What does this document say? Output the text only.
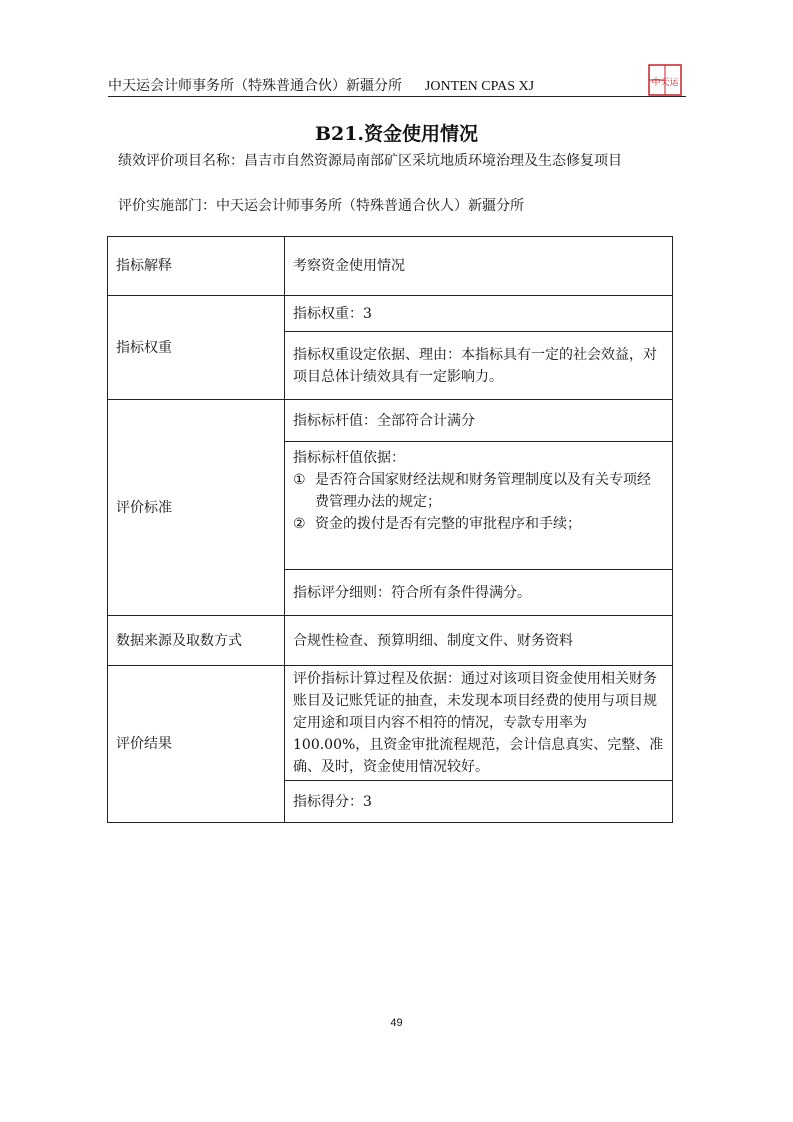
中天运会计师事务所（特殊普通合伙）新疆分所 JONTEN CPAS XJ	中天运
B21.资金使用情况
绩效评价项目名称：昌吉市自然资源局南部矿区采坑地质环境治理及生态修复项目
评价实施部门：中天运会计师事务所（特殊普通合伙人）新疆分所
指标解释	考察资金使用情况
指标权重	指标权重：3
	指标权重设定依据、理由：本指标具有一定的社会效益，对项目总体计绩效具有一定影响力。
评价标准	指标标杆值：全部符合计满分

	指标标杆值依据：
① 是否符合国家财经法规和财务管理制度以及有关专项经费管理办法的规定；
② 资金的拨付是否有完整的审批程序和手续；

	指标评分细则：符合所有条件得满分。
数据来源及取数方式	合规性检查、预算明细、制度文件、财务资料
评价结果	评价指标计算过程及依据：通过对该项目资金使用相关财务账目及记账凭证的抽查，未发现本项目经费的使用与项目规定用途和项目内容不相符的情况，专款专用率为 100.00%，且资金审批流程规范，会计信息真实、完整、准确、及时，资金使用情况较好。
	指标得分：3
49
